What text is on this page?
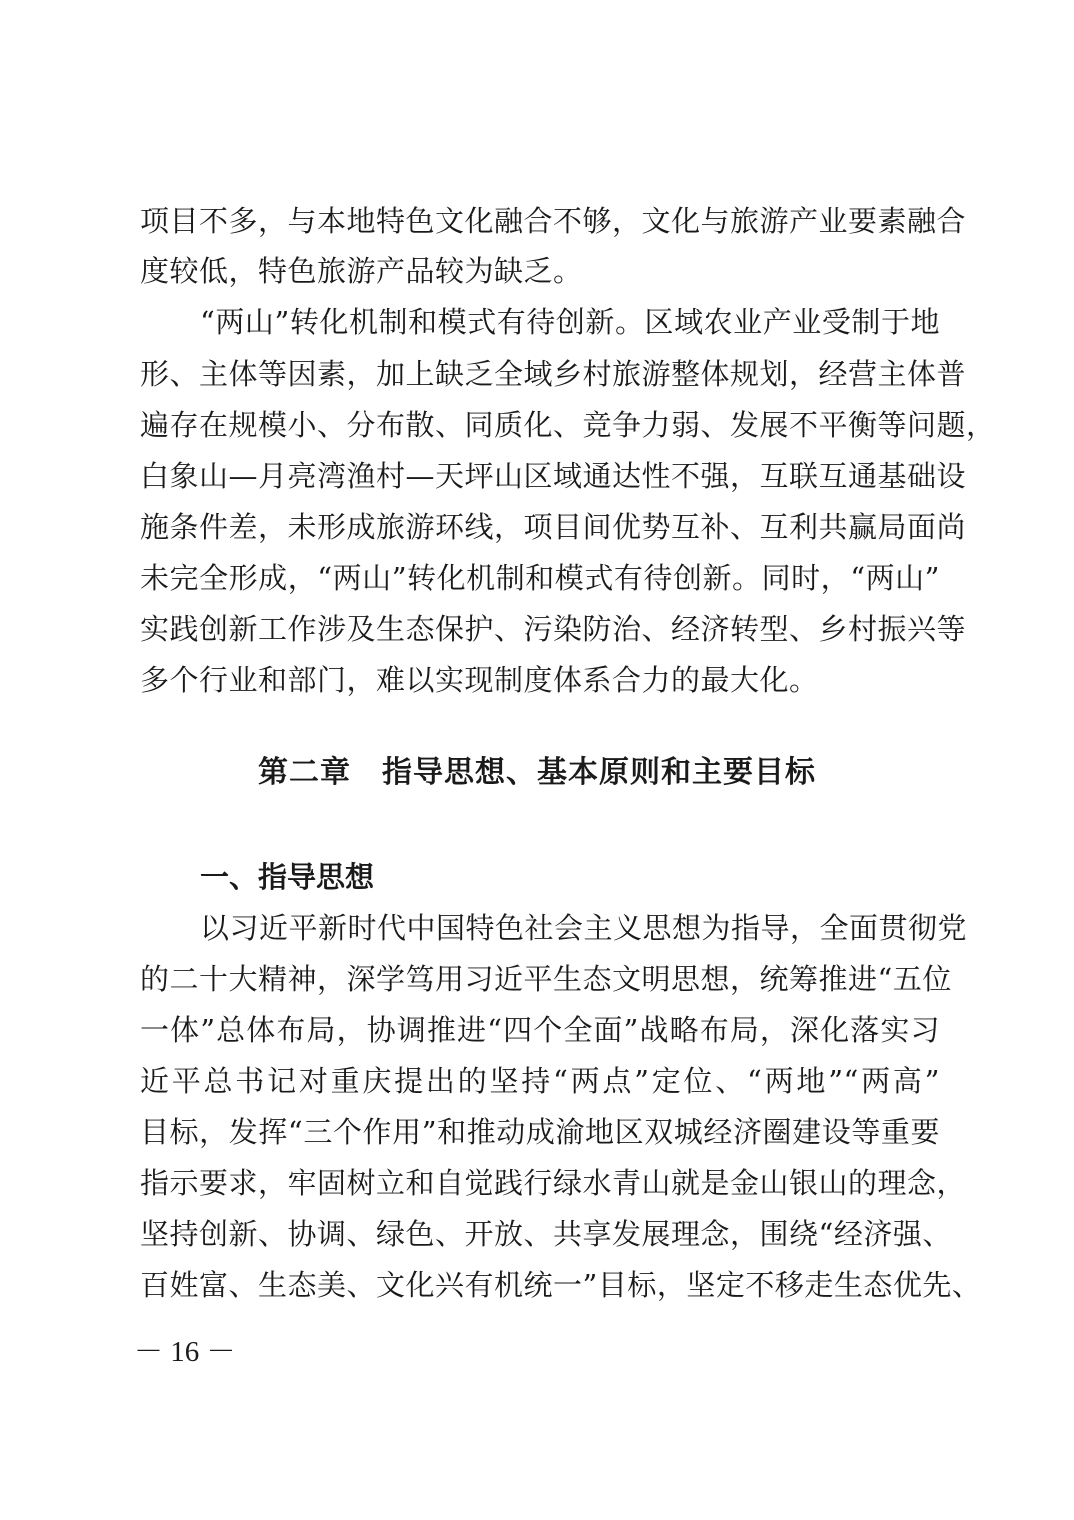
项目不多，与本地特色文化融合不够，文化与旅游产业要素融合
度较低，特色旅游产品较为缺乏。
“两山”转化机制和模式有待创新。区域农业产业受制于地
形、主体等因素，加上缺乏全域乡村旅游整体规划，经营主体普
遍存在规模小、分布散、同质化、竞争力弱、发展不平衡等问题，
白象山—月亮湾渔村—天坪山区域通达性不强，互联互通基础设
施条件差，未形成旅游环线，项目间优势互补、互利共赢局面尚
未完全形成，“两山”转化机制和模式有待创新。同时，“两山”
实践创新工作涉及生态保护、污染防治、经济转型、乡村振兴等
多个行业和部门，难以实现制度体系合力的最大化。
第二章　指导思想、基本原则和主要目标
一、指导思想
以习近平新时代中国特色社会主义思想为指导，全面贯彻党
的二十大精神，深学笃用习近平生态文明思想，统筹推进“五位
一体”总体布局，协调推进“四个全面”战略布局，深化落实习
近平总书记对重庆提出的坚持“两点”定位、“两地”“两高”
目标，发挥“三个作用”和推动成渝地区双城经济圈建设等重要
指示要求，牢固树立和自觉践行绿水青山就是金山银山的理念，
坚持创新、协调、绿色、开放、共享发展理念，围绕“经济强、
百姓富、生态美、文化兴有机统一”目标，坚定不移走生态优先、
－ 16 －
